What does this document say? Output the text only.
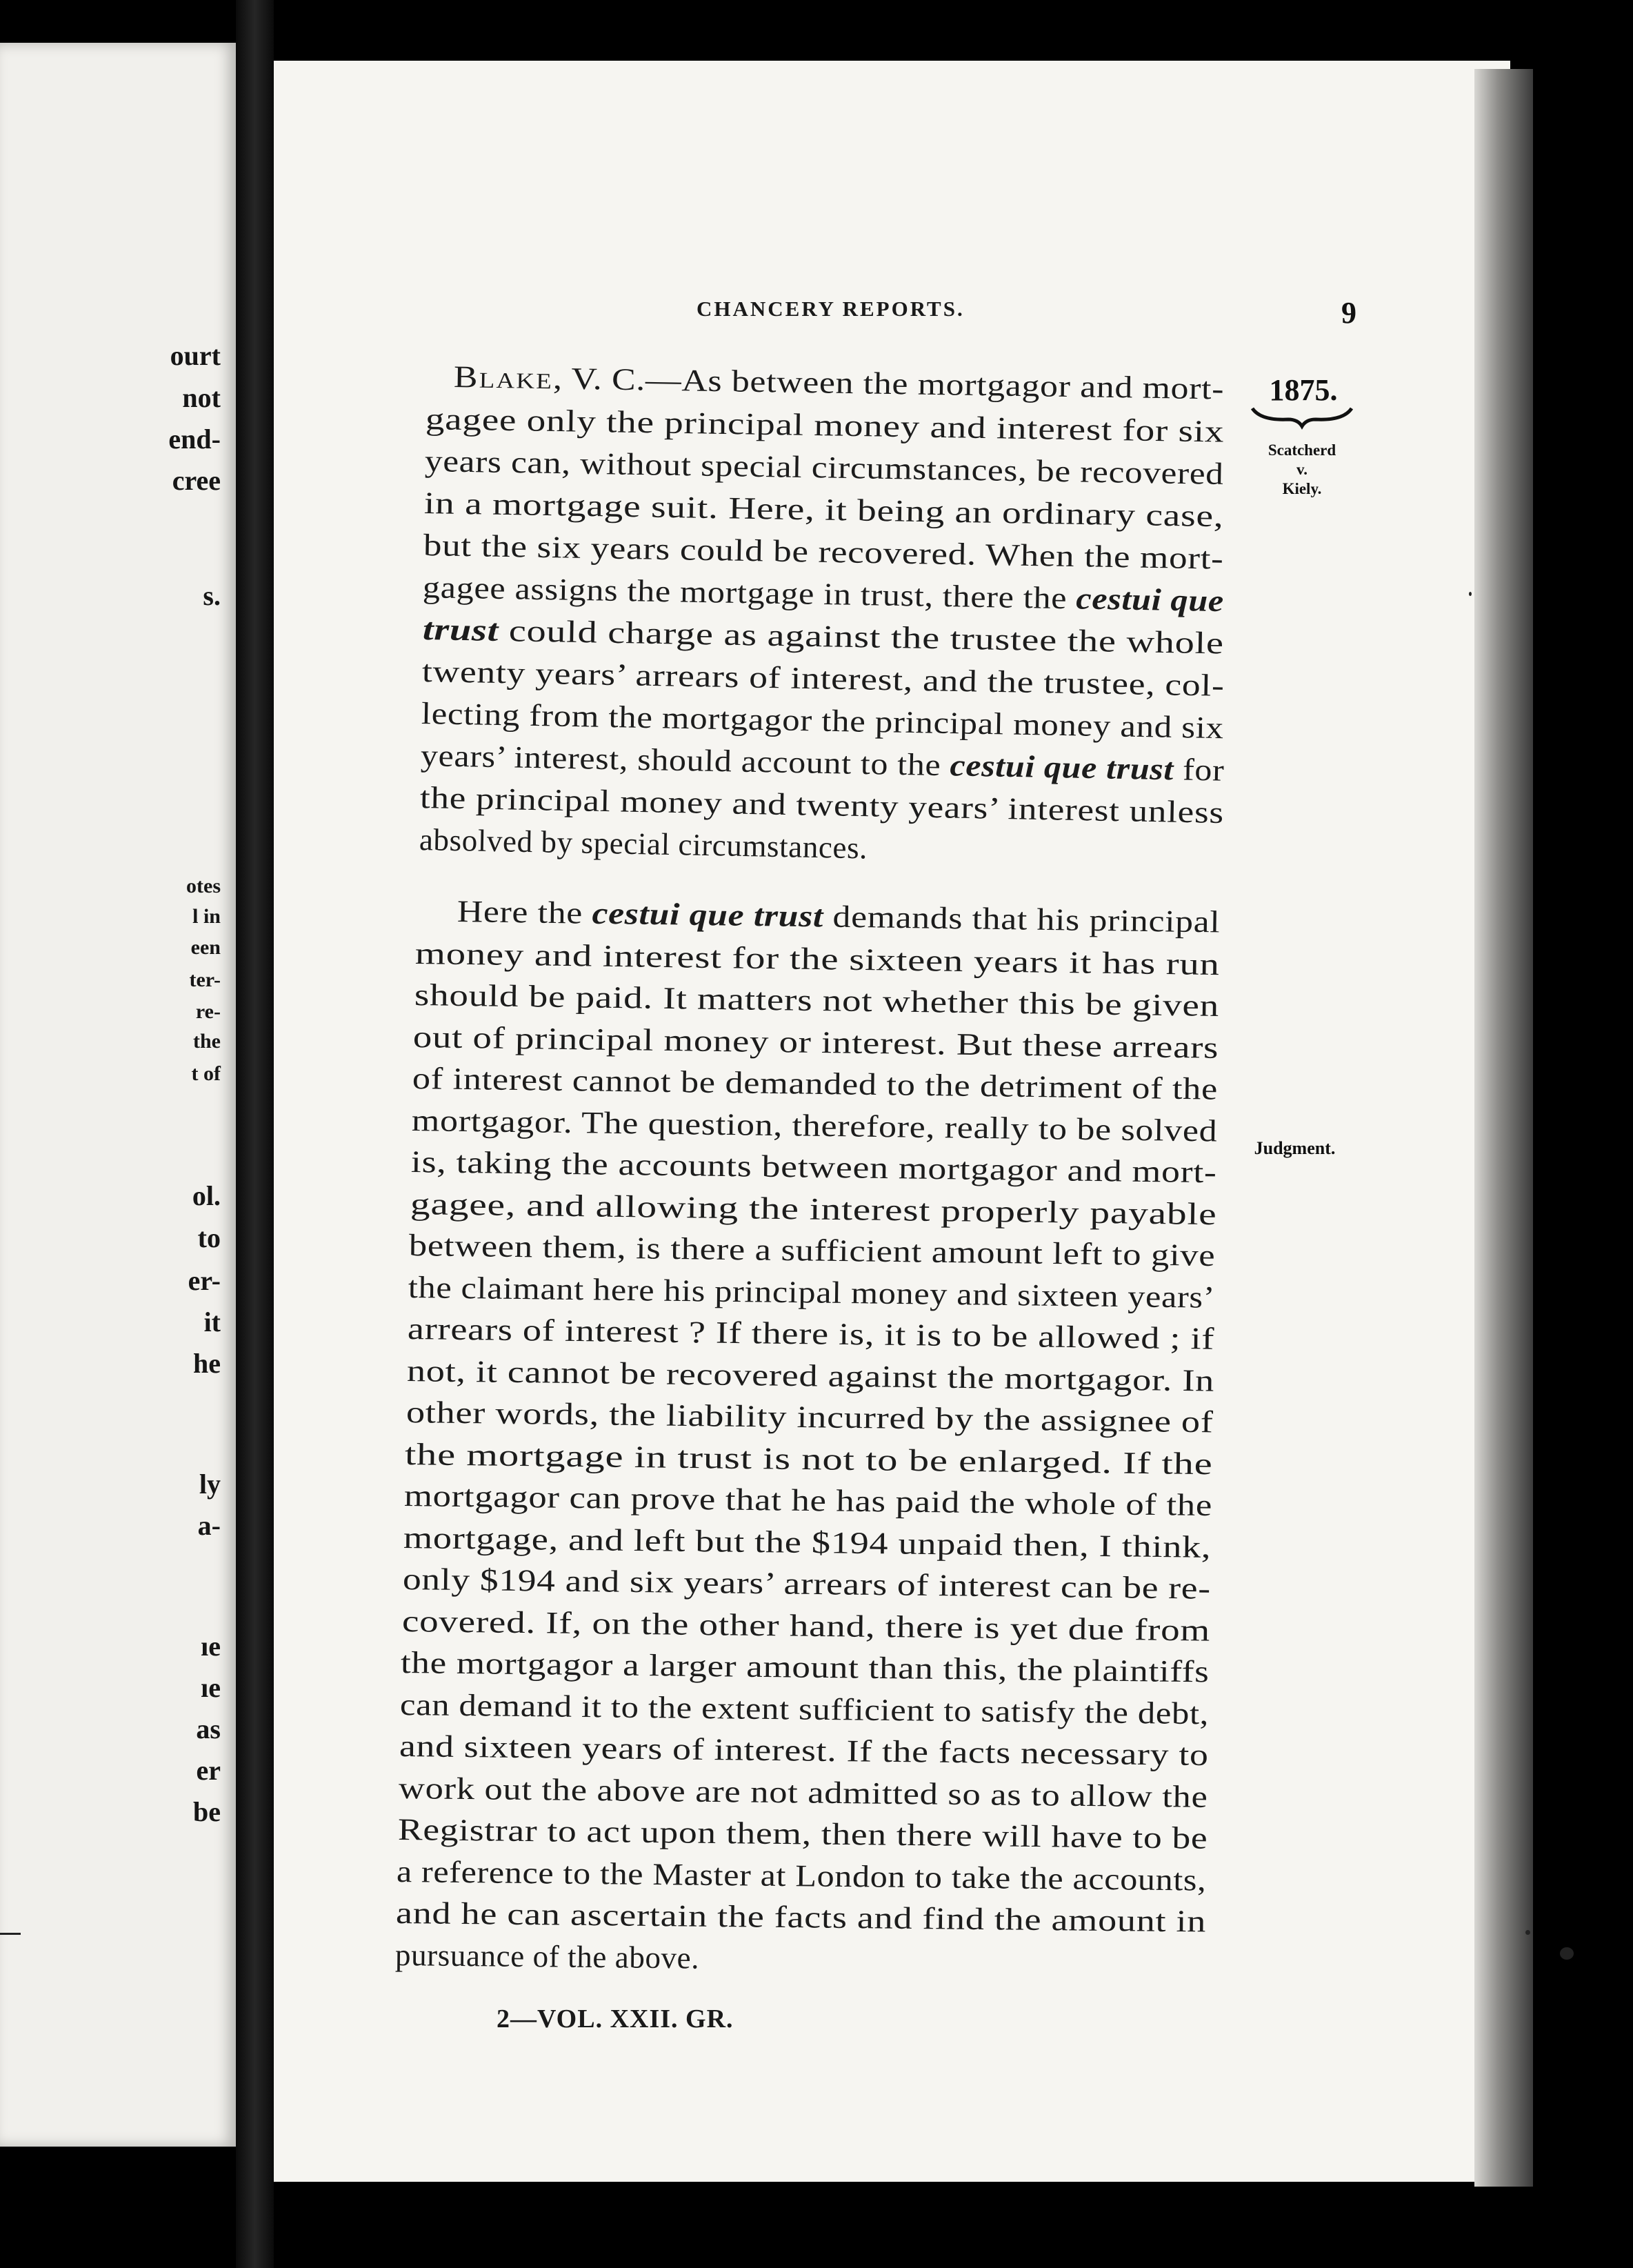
ourt

not

end-

cree

s.

otes

l in

een

ter-

re-

the

t of

ol.

to

er-

it

he

ly

a-

ıe

ıe

as

er

be

CHANCERY REPORTS.	9

1875.

Scatcherd

v.

Kiely.

Judgment.

Blake, V. C.—As between the mortgagor and mort-
gagee only the principal money and interest for six
years can, without special circumstances, be recovered
in a mortgage suit. Here, it being an ordinary case,
but the six years could be recovered. When the mort-
gagee assigns the mortgage in trust, there the cestui que
trust could charge as against the trustee the whole
twenty years’ arrears of interest, and the trustee, col-
lecting from the mortgagor the principal money and six
years’ interest, should account to the cestui que trust for
the principal money and twenty years’ interest unless
absolved by special circumstances.
Here the cestui que trust demands that his principal
money and interest for the sixteen years it has run
should be paid. It matters not whether this be given
out of principal money or interest. But these arrears
of interest cannot be demanded to the detriment of the
mortgagor. The question, therefore, really to be solved
is, taking the accounts between mortgagor and mort-
gagee, and allowing the interest properly payable
between them, is there a sufficient amount left to give
the claimant here his principal money and sixteen years’
arrears of interest ? If there is, it is to be allowed ; if
not, it cannot be recovered against the mortgagor. In
other words, the liability incurred by the assignee of
the mortgage in trust is not to be enlarged. If the
mortgagor can prove that he has paid the whole of the
mortgage, and left but the $194 unpaid then, I think,
only $194 and six years’ arrears of interest can be re-
covered. If, on the other hand, there is yet due from
the mortgagor a larger amount than this, the plaintiffs
can demand it to the extent sufficient to satisfy the debt,
and sixteen years of interest. If the facts necessary to
work out the above are not admitted so as to allow the
Registrar to act upon them, then there will have to be
a reference to the Master at London to take the accounts,
and he can ascertain the facts and find the amount in
pursuance of the above.

2—VOL. XXII. GR.
